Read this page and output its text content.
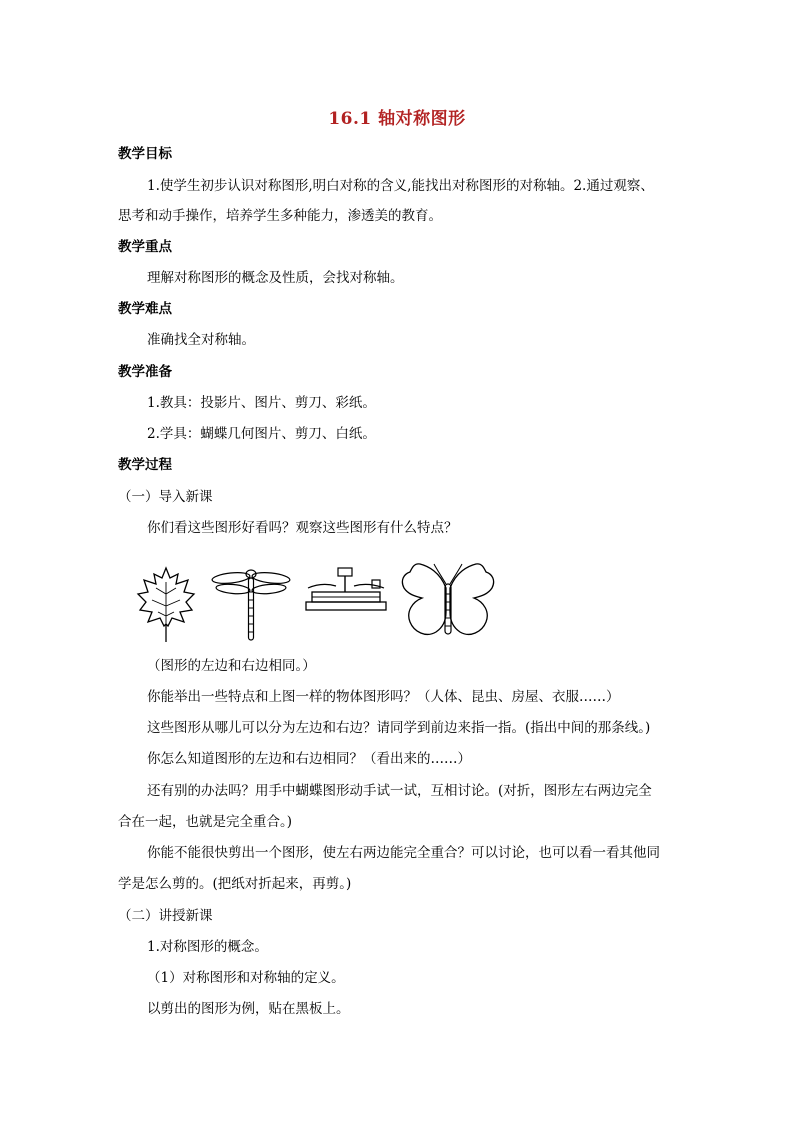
16.1 轴对称图形
教学目标
1.使学生初步认识对称图形,明白对称的含义,能找出对称图形的对称轴。2.通过观察、
思考和动手操作，培养学生多种能力，渗透美的教育。
教学重点
理解对称图形的概念及性质，会找对称轴。
教学难点
准确找全对称轴。
教学准备
1.教具：投影片、图片、剪刀、彩纸。
2.学具：蝴蝶几何图片、剪刀、白纸。
教学过程
（一）导入新课
你们看这些图形好看吗？观察这些图形有什么特点？
（图形的左边和右边相同。）
你能举出一些特点和上图一样的物体图形吗？（人体、昆虫、房屋、衣服……）
这些图形从哪儿可以分为左边和右边？请同学到前边来指一指。(指出中间的那条线。)
你怎么知道图形的左边和右边相同？（看出来的……）
还有别的办法吗？用手中蝴蝶图形动手试一试，互相讨论。(对折，图形左右两边完全
合在一起，也就是完全重合。)
你能不能很快剪出一个图形，使左右两边能完全重合？可以讨论，也可以看一看其他同
学是怎么剪的。(把纸对折起来，再剪。)
（二）讲授新课
1.对称图形的概念。
（1）对称图形和对称轴的定义。
以剪出的图形为例，贴在黑板上。
